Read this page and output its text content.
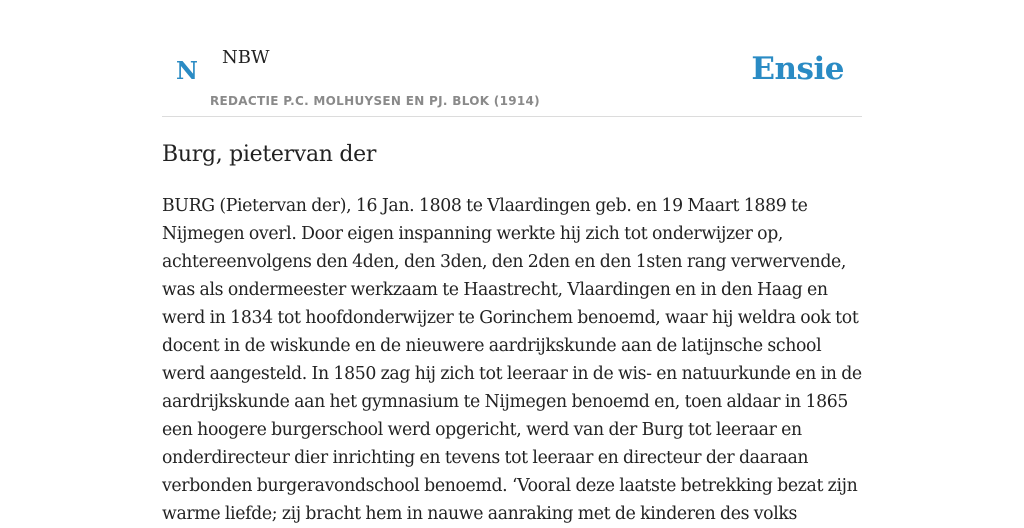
N NBW
REDACTIE P.C. MOLHUYSEN EN PJ. BLOK (1914)
Ensie
Burg, pietervan der

BURG (Pietervan der), 16 Jan. 1808 te Vlaardingen geb. en 19 Maart 1889 te Nijmegen overl. Door eigen inspanning werkte hij zich tot onderwijzer op, achtereenvolgens den 4den, den 3den, den 2den en den 1sten rang verwervende, was als ondermeester werkzaam te Haastrecht, Vlaardingen en in den Haag en werd in 1834 tot hoofdonderwijzer te Gorinchem benoemd, waar hij weldra ook tot docent in de wiskunde en de nieuwere aardrijkskunde aan de latijnsche school werd aangesteld. In 1850 zag hij zich tot leeraar in de wis- en natuurkunde en in de aardrijkskunde aan het gymnasium te Nijmegen benoemd en, toen aldaar in 1865 een hoogere burgerschool werd opgericht, werd van der Burg tot leeraar en onderdirecteur dier inrichting en tevens tot leeraar en directeur der daaraan verbonden burgeravondschool benoemd. ‘Vooral deze laatste betrekking bezat zijn warme liefde; zij bracht hem in nauwe aanraking met de kinderen des volks
